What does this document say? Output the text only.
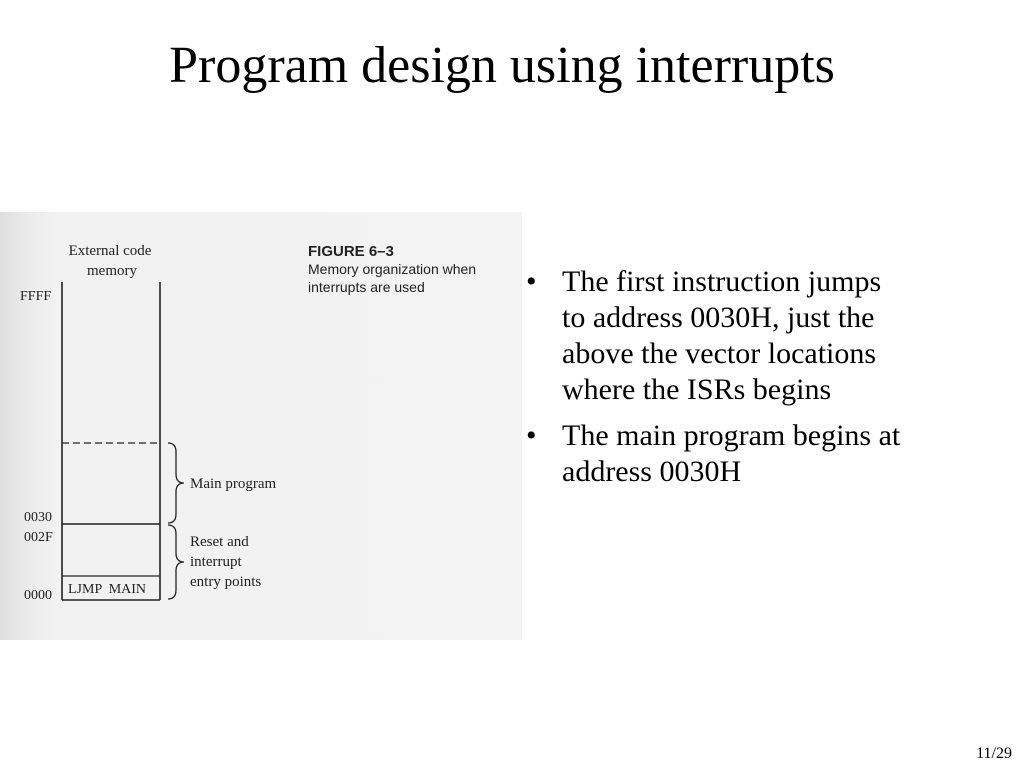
Program design using interrupts
FIGURE 6–3
Memory organization when
interrupts are used
External code
memory
FFFF
0030
002F
0000 LJMP  MAIN
Main program
Reset and
interrupt
entry points
• The first instruction jumps
to address 0030H, just the
above the vector locations
where the ISRs begins
• The main program begins at
address 0030H
11/29
